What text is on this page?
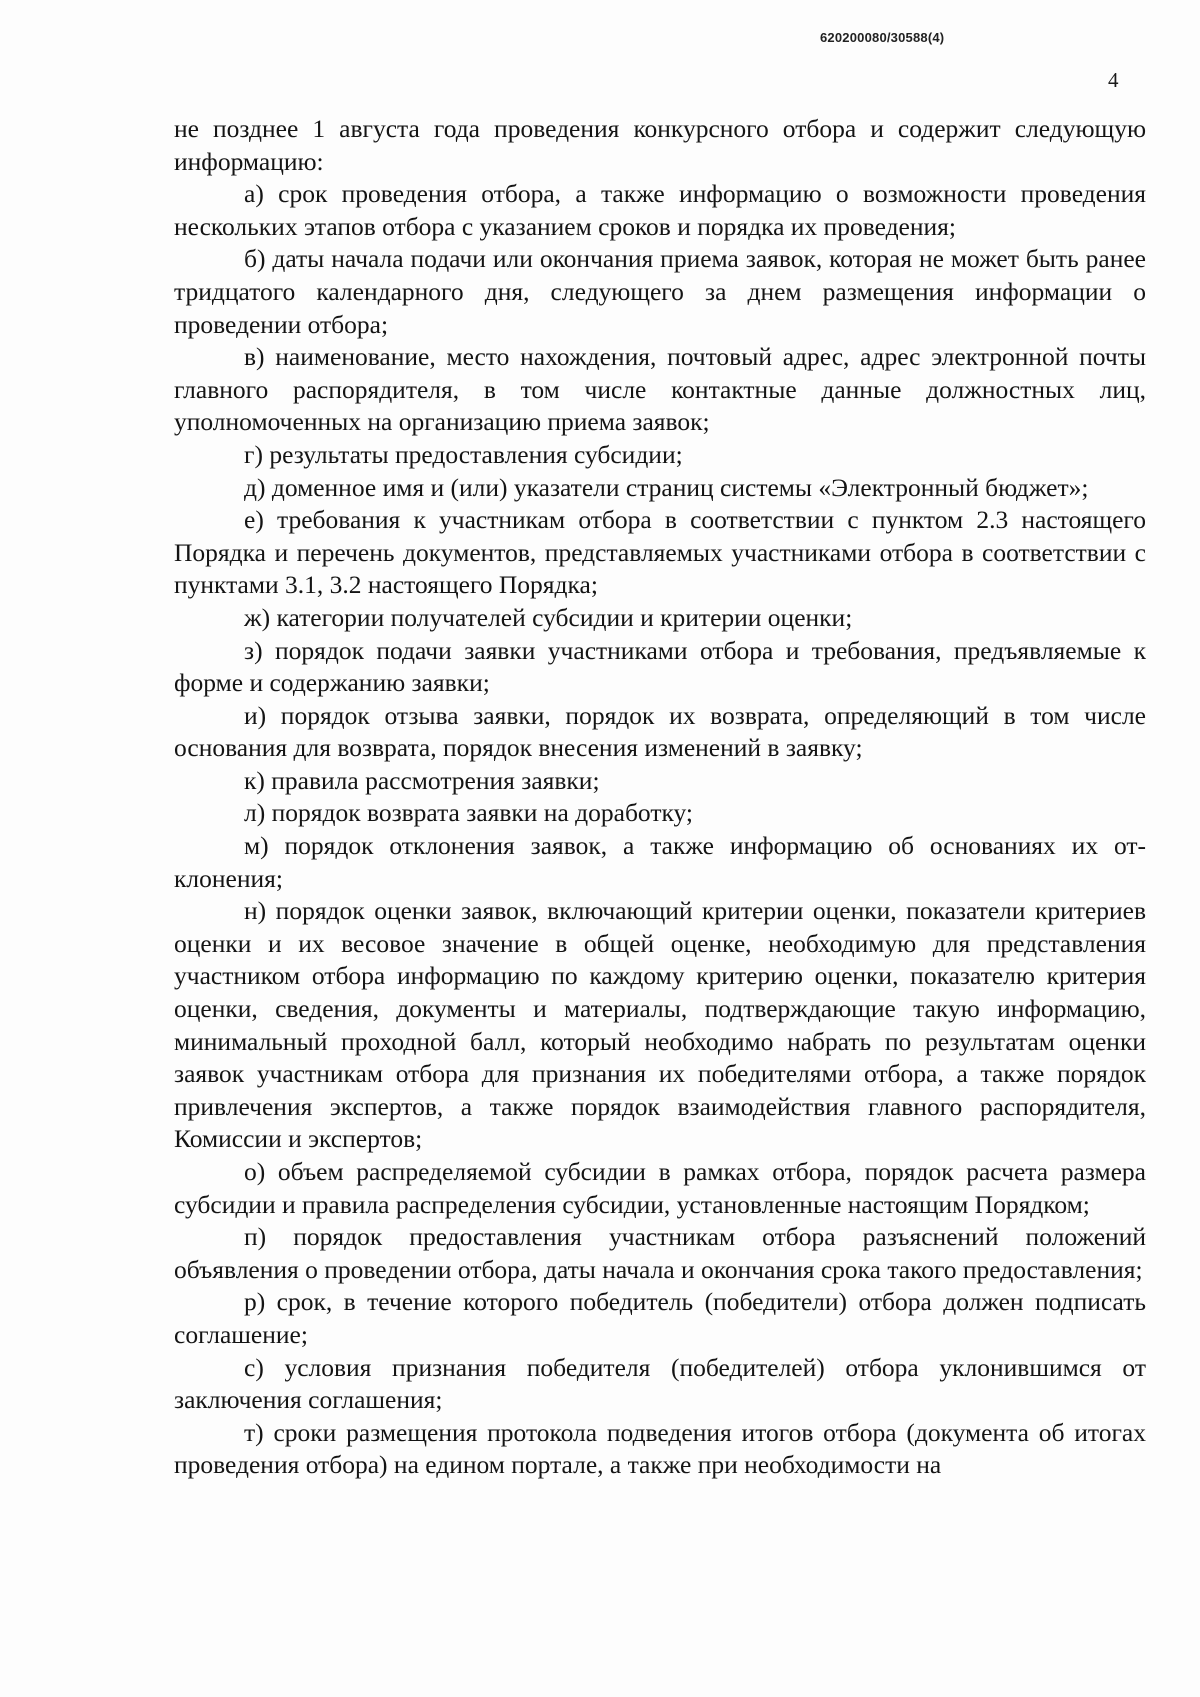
620200080/30588(4)
4

не позднее 1 августа года проведения конкурсного отбора и содержит следующую информацию:

а) срок проведения отбора, а также информацию о возможности проведения нескольких этапов отбора с указанием сроков и порядка их проведения;

б) даты начала подачи или окончания приема заявок, которая не может быть ранее тридцатого календарного дня, следующего за днем размещения информации о проведении отбора;

в) наименование, место нахождения, почтовый адрес, адрес электронной почты главного распорядителя, в том числе контактные данные должностных лиц, уполномоченных на организацию приема заявок;

г) результаты предоставления субсидии;

д) доменное имя и (или) указатели страниц системы «Электронный бюджет»;

е) требования к участникам отбора в соответствии с пунктом 2.3 настоящего Порядка и перечень документов, представляемых участниками отбора в соответствии с пунктами 3.1, 3.2 настоящего Порядка;

ж) категории получателей субсидии и критерии оценки;

з) порядок подачи заявки участниками отбора и требования, предъявляемые к форме и содержанию заявки;

и) порядок отзыва заявки, порядок их возврата, определяющий в том числе основания для возврата, порядок внесения изменений в заявку;

к) правила рассмотрения заявки;

л) порядок возврата заявки на доработку;

м) порядок отклонения заявок, а также информацию об основаниях их отклонения;

н) порядок оценки заявок, включающий критерии оценки, показатели критериев оценки и их весовое значение в общей оценке, необходимую для представления участником отбора информацию по каждому критерию оценки, показателю критерия оценки, сведения, документы и материалы, подтверждающие такую информацию, минимальный проходной балл, который необходимо набрать по результатам оценки заявок участникам отбора для признания их победителями отбора, а также порядок привлечения экспертов, а также порядок взаимодействия главного распорядителя, Комиссии и экспертов;

о) объем распределяемой субсидии в рамках отбора, порядок расчета размера субсидии и правила распределения субсидии, установленные настоящим Порядком;

п) порядок предоставления участникам отбора разъяснений положений объявления о проведении отбора, даты начала и окончания срока такого предоставления;

р) срок, в течение которого победитель (победители) отбора должен подписать соглашение;

с) условия признания победителя (победителей) отбора уклонившимся от заключения соглашения;

т) сроки размещения протокола подведения итогов отбора (документа об итогах проведения отбора) на едином портале, а также при необходимости на
